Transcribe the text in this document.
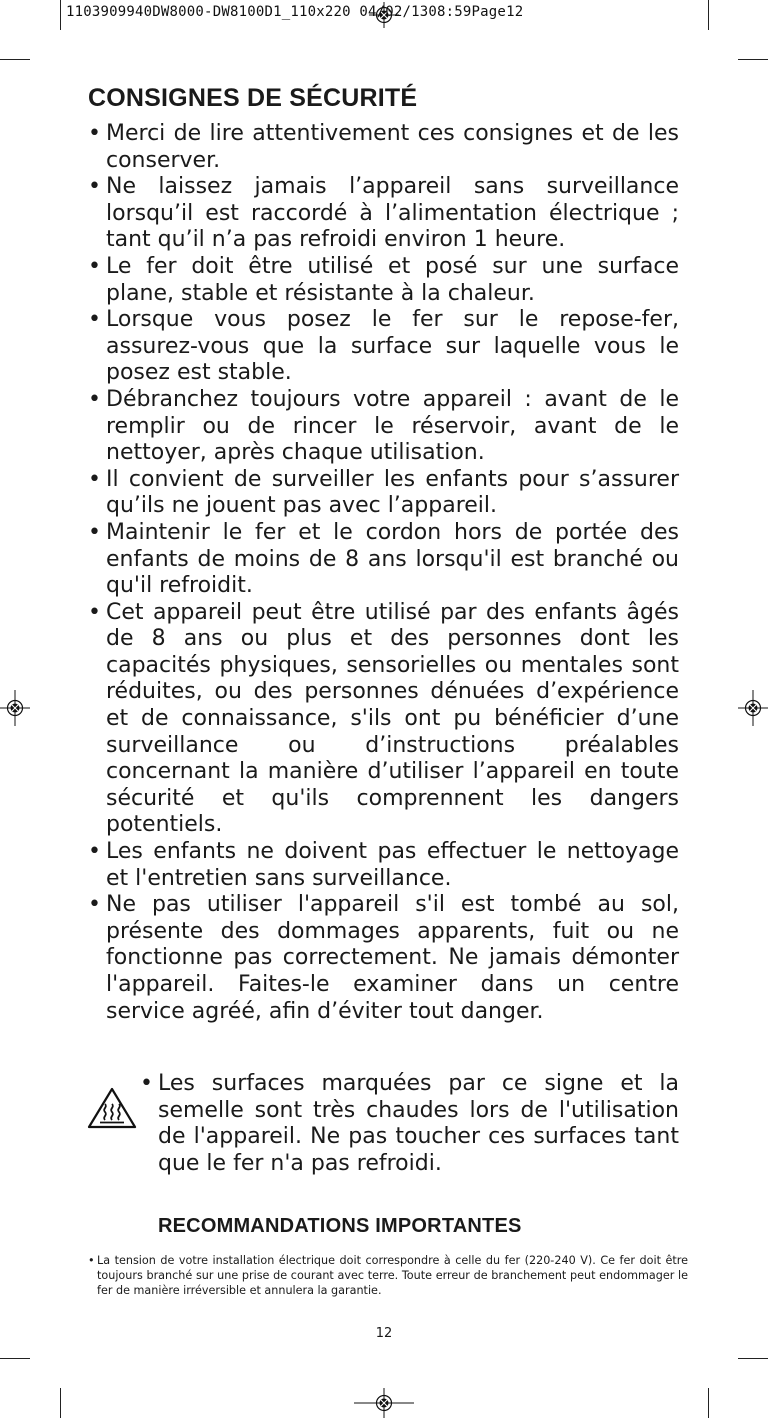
1103909940DW8000-DW8100D1_110x220 04/02/1308:59Page12
CONSIGNES DE SÉCURITÉ
• Merci de lire attentivement ces consignes et de les conserver.
• Ne laissez jamais l’appareil sans surveillance lorsqu’il est raccordé à l’alimentation électrique ; tant qu’il n’a pas refroidi environ 1 heure.
• Le fer doit être utilisé et posé sur une surface plane, stable et résistante à la chaleur.
• Lorsque vous posez le fer sur le repose-fer, assurez-vous que la surface sur laquelle vous le posez est stable.
• Débranchez toujours votre appareil : avant de le remplir ou de rincer le réservoir, avant de le nettoyer, après chaque utilisation.
• Il convient de surveiller les enfants pour s’assurer qu’ils ne jouent pas avec l’appareil.
• Maintenir le fer et le cordon hors de portée des enfants de moins de 8 ans lorsqu'il est branché ou qu'il refroidit.
• Cet appareil peut être utilisé par des enfants âgés de 8 ans ou plus et des personnes dont les capacités physiques, sensorielles ou mentales sont réduites, ou des personnes dénuées d’expérience et de connaissance, s'ils ont pu bénéficier d’une surveillance ou d’instructions préalables concernant la manière d’utiliser l’appareil en toute sécurité et qu'ils comprennent les dangers potentiels.
• Les enfants ne doivent pas effectuer le nettoyage et l'entretien sans surveillance.
• Ne pas utiliser l'appareil s'il est tombé au sol, présente des dommages apparents, fuit ou ne fonctionne pas correctement. Ne jamais démonter l'appareil. Faites-le examiner dans un centre service agréé, afin d’éviter tout danger.
• Les surfaces marquées par ce signe et la semelle sont très chaudes lors de l'utilisation de l'appareil. Ne pas toucher ces surfaces tant que le fer n'a pas refroidi.
RECOMMANDATIONS IMPORTANTES

• La tension de votre installation électrique doit correspondre à celle du fer (220-240 V). Ce fer doit être toujours branché sur une prise de courant avec terre. Toute erreur de branchement peut endommager le fer de manière irréversible et annulera la garantie.

12
